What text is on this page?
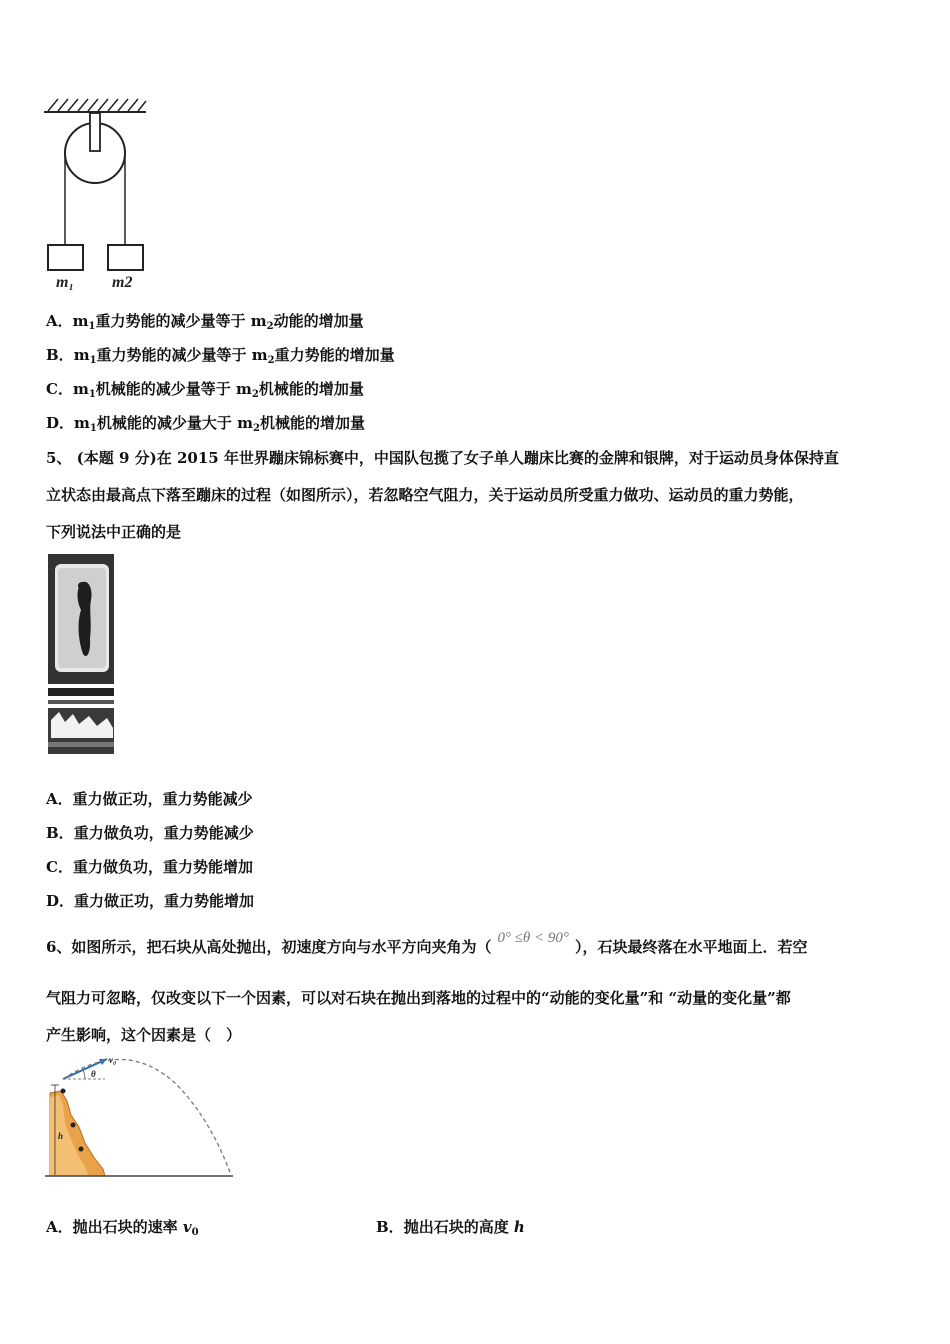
m₁ m2
A．$m_1$重力势能的减少量等于 $m_2$动能的增加量
B．$m_1$重力势能的减少量等于 $m_2$重力势能的增加量
C．$m_1$机械能的减少量等于 $m_2$机械能的增加量
D．$m_1$机械能的减少量大于 $m_2$机械能的增加量
5、 (本题 9 分)在 2015 年世界蹦床锦标赛中，中国队包揽了女子单人蹦床比赛的金牌和银牌，对于运动员身体保持直
立状态由最高点下落至蹦床的过程（如图所示），若忽略空气阻力，关于运动员所受重力做功、运动员的重力势能，
下列说法中正确的是
A．重力做正功，重力势能减少
B．重力做负功，重力势能减少
C．重力做负功，重力势能增加
D．重力做正功，重力势能增加
6、如图所示，把石块从高处抛出，初速度方向与水平方向夹角为（ 0° ≤θ < 90° ），石块最终落在水平地面上．若空
气阻力可忽略，仅改变以下一个因素，可以对石块在抛出到落地的过程中的“动能的变化量”和 “动量的变化量”都
产生影响，这个因素是（　）
h
v₀
θ
A．抛出石块的速率 $v_0$	B．抛出石块的高度 h
